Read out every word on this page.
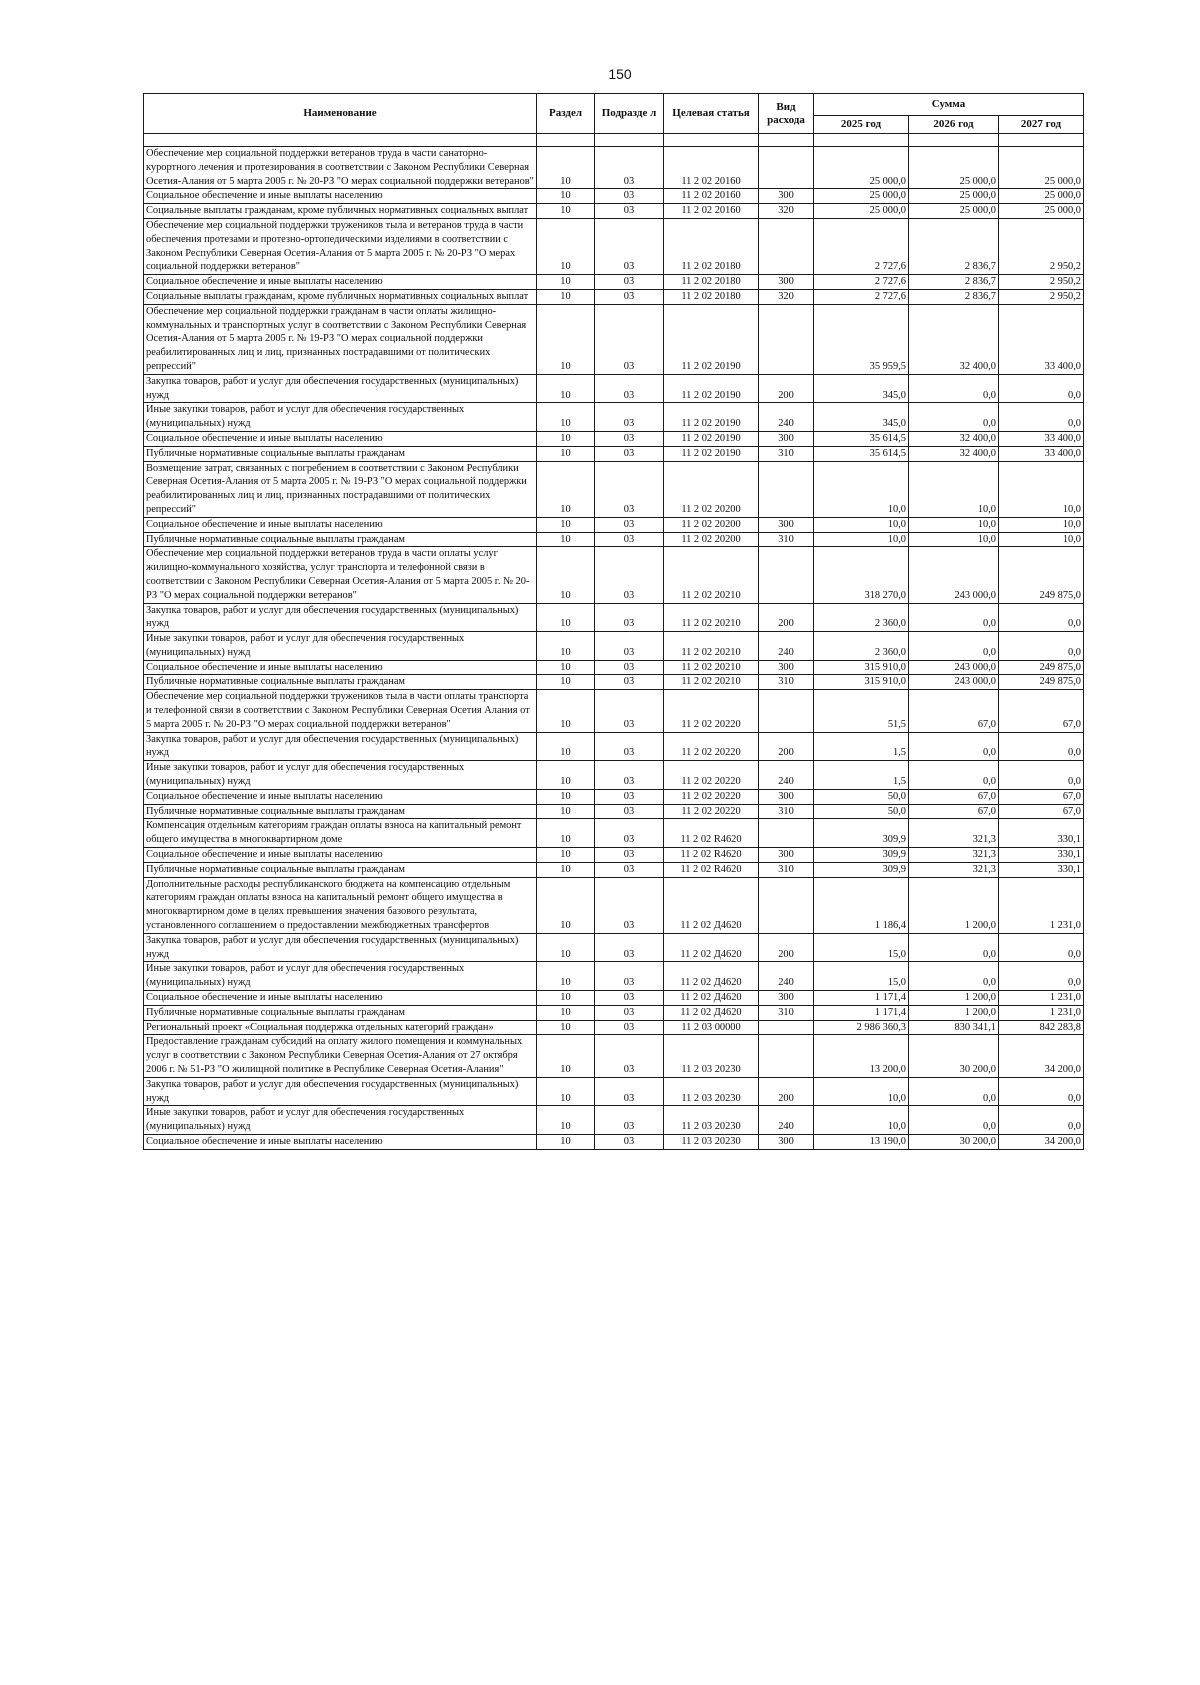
150
Наименование	Раздел	Подразде л	Целевая статья	Вид расхода	Сумма		
					2025 год	2026 год	2027 год

Обеспечение мер социальной поддержки ветеранов труда в части санаторно-курортного лечения и протезирования в соответствии с Законом Республики Северная Осетия-Алания от 5 марта 2005 г. № 20-РЗ "О мерах социальной поддержки ветеранов"	10	03	11 2 02 20160		25 000,0	25 000,0	25 000,0
Социальное обеспечение и иные выплаты населению	10	03	11 2 02 20160	300	25 000,0	25 000,0	25 000,0
Социальные выплаты гражданам, кроме публичных нормативных социальных выплат	10	03	11 2 02 20160	320	25 000,0	25 000,0	25 000,0
Обеспечение мер социальной поддержки тружеников тыла и ветеранов труда в части обеспечения протезами и протезно-ортопедическими изделиями в соответствии с Законом Республики Северная Осетия-Алания от 5 марта 2005 г. № 20-РЗ "О мерах социальной поддержки ветеранов"	10	03	11 2 02 20180		2 727,6	2 836,7	2 950,2
Социальное обеспечение и иные выплаты населению	10	03	11 2 02 20180	300	2 727,6	2 836,7	2 950,2
Социальные выплаты гражданам, кроме публичных нормативных социальных выплат	10	03	11 2 02 20180	320	2 727,6	2 836,7	2 950,2
Обеспечение мер социальной поддержки гражданам в части оплаты жилищно-коммунальных и транспортных услуг в соответствии с Законом Республики Северная Осетия-Алания от 5 марта 2005 г. № 19-РЗ "О мерах социальной поддержки реабилитированных лиц и лиц, признанных пострадавшими от политических репрессий"	10	03	11 2 02 20190		35 959,5	32 400,0	33 400,0
Закупка товаров, работ и услуг для обеспечения государственных (муниципальных) нужд	10	03	11 2 02 20190	200	345,0	0,0	0,0
Иные закупки товаров, работ и услуг для обеспечения государственных (муниципальных) нужд	10	03	11 2 02 20190	240	345,0	0,0	0,0
Социальное обеспечение и иные выплаты населению	10	03	11 2 02 20190	300	35 614,5	32 400,0	33 400,0
Публичные нормативные социальные выплаты гражданам	10	03	11 2 02 20190	310	35 614,5	32 400,0	33 400,0
Возмещение затрат, связанных с погребением в соответствии с Законом Республики Северная Осетия-Алания от 5 марта 2005 г. № 19-РЗ "О мерах социальной поддержки реабилитированных лиц и лиц, признанных пострадавшими от политических репрессий"	10	03	11 2 02 20200		10,0	10,0	10,0
Социальное обеспечение и иные выплаты населению	10	03	11 2 02 20200	300	10,0	10,0	10,0
Публичные нормативные социальные выплаты гражданам	10	03	11 2 02 20200	310	10,0	10,0	10,0
Обеспечение мер социальной поддержки ветеранов труда в части оплаты услуг жилищно-коммунального хозяйства, услуг транспорта и телефонной связи в соответствии с Законом Республики Северная Осетия-Алания от 5 марта 2005 г. № 20-РЗ "О мерах социальной поддержки ветеранов"	10	03	11 2 02 20210		318 270,0	243 000,0	249 875,0
Закупка товаров, работ и услуг для обеспечения государственных (муниципальных) нужд	10	03	11 2 02 20210	200	2 360,0	0,0	0,0
Иные закупки товаров, работ и услуг для обеспечения государственных (муниципальных) нужд	10	03	11 2 02 20210	240	2 360,0	0,0	0,0
Социальное обеспечение и иные выплаты населению	10	03	11 2 02 20210	300	315 910,0	243 000,0	249 875,0
Публичные нормативные социальные выплаты гражданам	10	03	11 2 02 20210	310	315 910,0	243 000,0	249 875,0
Обеспечение мер социальной поддержки тружеников тыла в части оплаты транспорта и телефонной связи в соответствии с Законом Республики Северная Осетия Алания от 5 марта 2005 г. № 20-РЗ "О мерах социальной поддержки ветеранов"	10	03	11 2 02 20220		51,5	67,0	67,0
Закупка товаров, работ и услуг для обеспечения государственных (муниципальных) нужд	10	03	11 2 02 20220	200	1,5	0,0	0,0
Иные закупки товаров, работ и услуг для обеспечения государственных (муниципальных) нужд	10	03	11 2 02 20220	240	1,5	0,0	0,0
Социальное обеспечение и иные выплаты населению	10	03	11 2 02 20220	300	50,0	67,0	67,0
Публичные нормативные социальные выплаты гражданам	10	03	11 2 02 20220	310	50,0	67,0	67,0
Компенсация отдельным категориям граждан оплаты взноса на капитальный ремонт общего имущества в многоквартирном доме	10	03	11 2 02 R4620		309,9	321,3	330,1
Социальное обеспечение и иные выплаты населению	10	03	11 2 02 R4620	300	309,9	321,3	330,1
Публичные нормативные социальные выплаты гражданам	10	03	11 2 02 R4620	310	309,9	321,3	330,1
Дополнительные расходы республиканского бюджета на компенсацию отдельным категориям граждан оплаты взноса на капитальный ремонт общего имущества в многоквартирном доме в целях превышения значения базового результата, установленного соглашением о предоставлении межбюджетных трансфертов	10	03	11 2 02 Д4620		1 186,4	1 200,0	1 231,0
Закупка товаров, работ и услуг для обеспечения государственных (муниципальных) нужд	10	03	11 2 02 Д4620	200	15,0	0,0	0,0
Иные закупки товаров, работ и услуг для обеспечения государственных (муниципальных) нужд	10	03	11 2 02 Д4620	240	15,0	0,0	0,0
Социальное обеспечение и иные выплаты населению	10	03	11 2 02 Д4620	300	1 171,4	1 200,0	1 231,0
Публичные нормативные социальные выплаты гражданам	10	03	11 2 02 Д4620	310	1 171,4	1 200,0	1 231,0
Региональный проект «Социальная поддержка отдельных категорий граждан»	10	03	11 2 03 00000		2 986 360,3	830 341,1	842 283,8
Предоставление гражданам субсидий на оплату жилого помещения и коммунальных услуг в соответствии с Законом Республики Северная Осетия-Алания от 27 октября 2006 г. № 51-РЗ "О жилищной политике в Республике Северная Осетия-Алания"	10	03	11 2 03 20230		13 200,0	30 200,0	34 200,0
Закупка товаров, работ и услуг для обеспечения государственных (муниципальных) нужд	10	03	11 2 03 20230	200	10,0	0,0	0,0
Иные закупки товаров, работ и услуг для обеспечения государственных (муниципальных) нужд	10	03	11 2 03 20230	240	10,0	0,0	0,0
Социальное обеспечение и иные выплаты населению	10	03	11 2 03 20230	300	13 190,0	30 200,0	34 200,0
